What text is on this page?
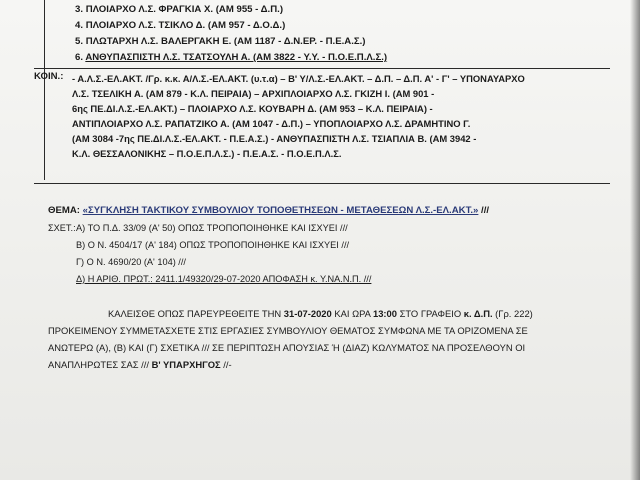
3. ΠΛΟΙΑΡΧΟ Λ.Σ. ΦΡΑΓΚΙΑ Χ. (ΑΜ 955 - Δ.Π.)
4. ΠΛΟΙΑΡΧΟ Λ.Σ. ΤΣΙΚΛΟ Δ. (ΑΜ 957 - Δ.Ο.Δ.)
5. ΠΛΩΤΑΡΧΗ Λ.Σ. ΒΑΛΕΡΓΑΚΗ Ε. (ΑΜ 1187 - Δ.Ν.ΕΡ. - Π.Ε.Α.Σ.)
6. ΑΝΘΥΠΑΣΠΙΣΤΗ Λ.Σ. ΤΣΑΤΣΟΥΛΗ Α. (ΑΜ 3822 - Υ.Υ. - Π.Ο.Ε.Π.Λ.Σ.)
ΚΟΙΝ.: - Α.Λ.Σ.-ΕΛ.ΑΚΤ. /Γρ. κ.κ. Α/Λ.Σ.-ΕΛ.ΑΚΤ. (υ.τ.α) – Β' Υ/Λ.Σ.-ΕΛ.ΑΚΤ. – Δ.Π. – Δ.Π. Α' - Γ' – ΥΠΟΝΑΥΑΡΧΟ
Λ.Σ. ΤΣΕΛΙΚΗ Α. (ΑΜ 879 - Κ.Λ. ΠΕΙΡΑΙΑ) – ΑΡΧΙΠΛΟΙΑΡΧΟ Λ.Σ. ΓΚΙΖΗ Ι. (ΑΜ 901 -
6ης ΠΕ.ΔΙ.Λ.Σ.-ΕΛ.ΑΚΤ.) – ΠΛΟΙΑΡΧΟ Λ.Σ. ΚΟΥΒΑΡΗ Δ. (ΑΜ 953 – Κ.Λ. ΠΕΙΡΑΙΑ) -
ΑΝΤΙΠΛΟΙΑΡΧΟ Λ.Σ. ΡΑΠΑΤΖΙΚΟ Α. (ΑΜ 1047 - Δ.Π.) – ΥΠΟΠΛΟΙΑΡΧΟ Λ.Σ. ΔΡΑΜΗΤΙΝΟ Γ.
(ΑΜ 3084 -7ης ΠΕ.ΔΙ.Λ.Σ.-ΕΛ.ΑΚΤ. - Π.Ε.Α.Σ.) - ΑΝΘΥΠΑΣΠΙΣΤΗ Λ.Σ. ΤΣΙΑΠΛΙΑ Β. (ΑΜ 3942 -
Κ.Λ. ΘΕΣΣΑΛΟΝΙΚΗΣ – Π.Ο.Ε.Π.Λ.Σ.) - Π.Ε.Α.Σ. - Π.Ο.Ε.Π.Λ.Σ.
ΘΕΜΑ: «ΣΥΓΚΛΗΣΗ ΤΑΚΤΙΚΟΥ ΣΥΜΒΟΥΛΙΟΥ ΤΟΠΟΘΕΤΗΣΕΩΝ - ΜΕΤΑΘΕΣΕΩΝ Λ.Σ.-ΕΛ.ΑΚΤ.» ///
ΣΧΕΤ.:Α) ΤΟ Π.Δ. 33/09 (Α' 50) ΟΠΩΣ ΤΡΟΠΟΠΟΙΗΘΗΚΕ ΚΑΙ ΙΣΧΥΕΙ ///
Β) Ο Ν. 4504/17 (Α' 184) ΟΠΩΣ ΤΡΟΠΟΠΟΙΗΘΗΚΕ ΚΑΙ ΙΣΧΥΕΙ ///
Γ) Ο Ν. 4690/20 (Α' 104) ///
Δ) Η ΑΡΙΘ. ΠΡΩΤ.: 2411.1/49320/29-07-2020 ΑΠΟΦΑΣΗ κ. Υ.ΝΑ.Ν.Π. ///
ΚΑΛΕΙΣΘΕ ΟΠΩΣ ΠΑΡΕΥΡΕΘΕΙΤΕ ΤΗΝ 31-07-2020 ΚΑΙ ΩΡΑ 13:00 ΣΤΟ ΓΡΑΦΕΙΟ κ. Δ.Π. (Γρ. 222)
ΠΡΟΚΕΙΜΕΝΟΥ ΣΥΜΜΕΤΑΣΧΕΤΕ ΣΤΙΣ ΕΡΓΑΣΙΕΣ ΣΥΜΒΟΥΛΙΟΥ ΘΕΜΑΤΟΣ ΣΥΜΦΩΝΑ ΜΕ ΤΑ ΟΡΙΖΟΜΕΝΑ ΣΕ
ΑΝΩΤΕΡΩ (Α), (Β) ΚΑΙ (Γ) ΣΧΕΤΙΚΑ /// ΣΕ ΠΕΡΙΠΤΩΣΗ ΑΠΟΥΣΙΑΣ Ή (ΔΙΑΖ) ΚΩΛΥΜΑΤΟΣ ΝΑ ΠΡΟΣΕΛΘΟΥΝ ΟΙ
ΑΝΑΠΛΗΡΩΤΕΣ ΣΑΣ /// Β' ΥΠΑΡΧΗΓΟΣ //-
